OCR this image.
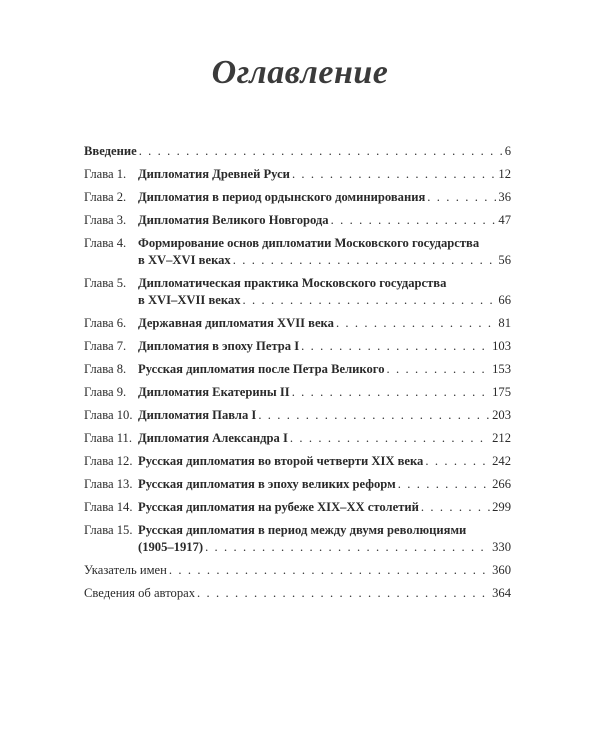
Оглавление
Введение . . .	6
Глава 1. Дипломатия Древней Руси . . .	12
Глава 2. Дипломатия в период ордынского доминирования . . .	36
Глава 3. Дипломатия Великого Новгорода . . .	47
Глава 4. Формирование основ дипломатии Московского государства
в XV–XVI веках . . .	56
Глава 5. Дипломатическая практика Московского государства
в XVI–XVII веках . . .	66
Глава 6. Державная дипломатия XVII века . . .	81
Глава 7. Дипломатия в эпоху Петра I . . .	103
Глава 8. Русская дипломатия после Петра Великого . . .	153
Глава 9. Дипломатия Екатерины II . . .	175
Глава 10. Дипломатия Павла I . . .	203
Глава 11. Дипломатия Александра I . . .	212
Глава 12. Русская дипломатия во второй четверти XIX века . . .	242
Глава 13. Русская дипломатия в эпоху великих реформ . . .	266
Глава 14. Русская дипломатия на рубеже XIX–XX столетий . . .	299
Глава 15. Русская дипломатия в период между двумя революциями
(1905–1917) . . .	330
Указатель имен . . .	360
Сведения об авторах . . .	364
